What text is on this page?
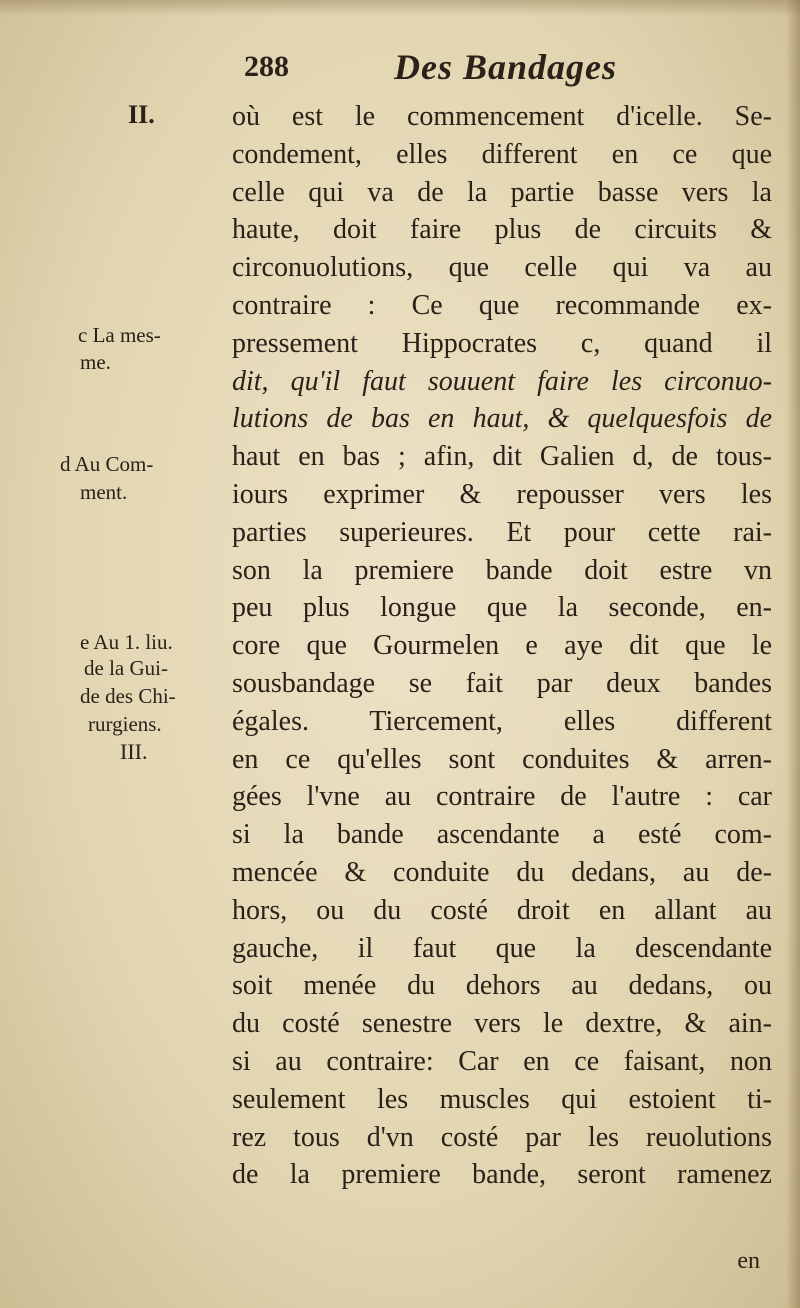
288	Des Bandages
II.
c La mes-
me.
d Au Com-
ment.
e Au 1. liu.
de la Gui-
de des Chi-
rurgiens.
III.
où est le commencement d'icelle. Se-
condement, elles different en ce que
celle qui va de la partie basse vers la
haute, doit faire plus de circuits &
circonuolutions, que celle qui va au
contraire : Ce que recommande ex-
pressement Hippocrates c, quand il
dit, qu'il faut souuent faire les circonuo-
lutions de bas en haut, & quelquesfois de
haut en bas ; afin, dit Galien d, de tous-
iours exprimer & repousser vers les
parties superieures. Et pour cette rai-
son la premiere bande doit estre vn
peu plus longue que la seconde, en-
core que Gourmelen e aye dit que le
sousbandage se fait par deux bandes
égales. Tiercement, elles different
en ce qu'elles sont conduites & arren-
gées l'vne au contraire de l'autre : car
si la bande ascendante a esté com-
mencée & conduite du dedans, au de-
hors, ou du costé droit en allant au
gauche, il faut que la descendante
soit menée du dehors au dedans, ou
du costé senestre vers le dextre, & ain-
si au contraire: Car en ce faisant, non
seulement les muscles qui estoient ti-
rez tous d'vn costé par les reuolutions
de la premiere bande, seront ramenez
en
